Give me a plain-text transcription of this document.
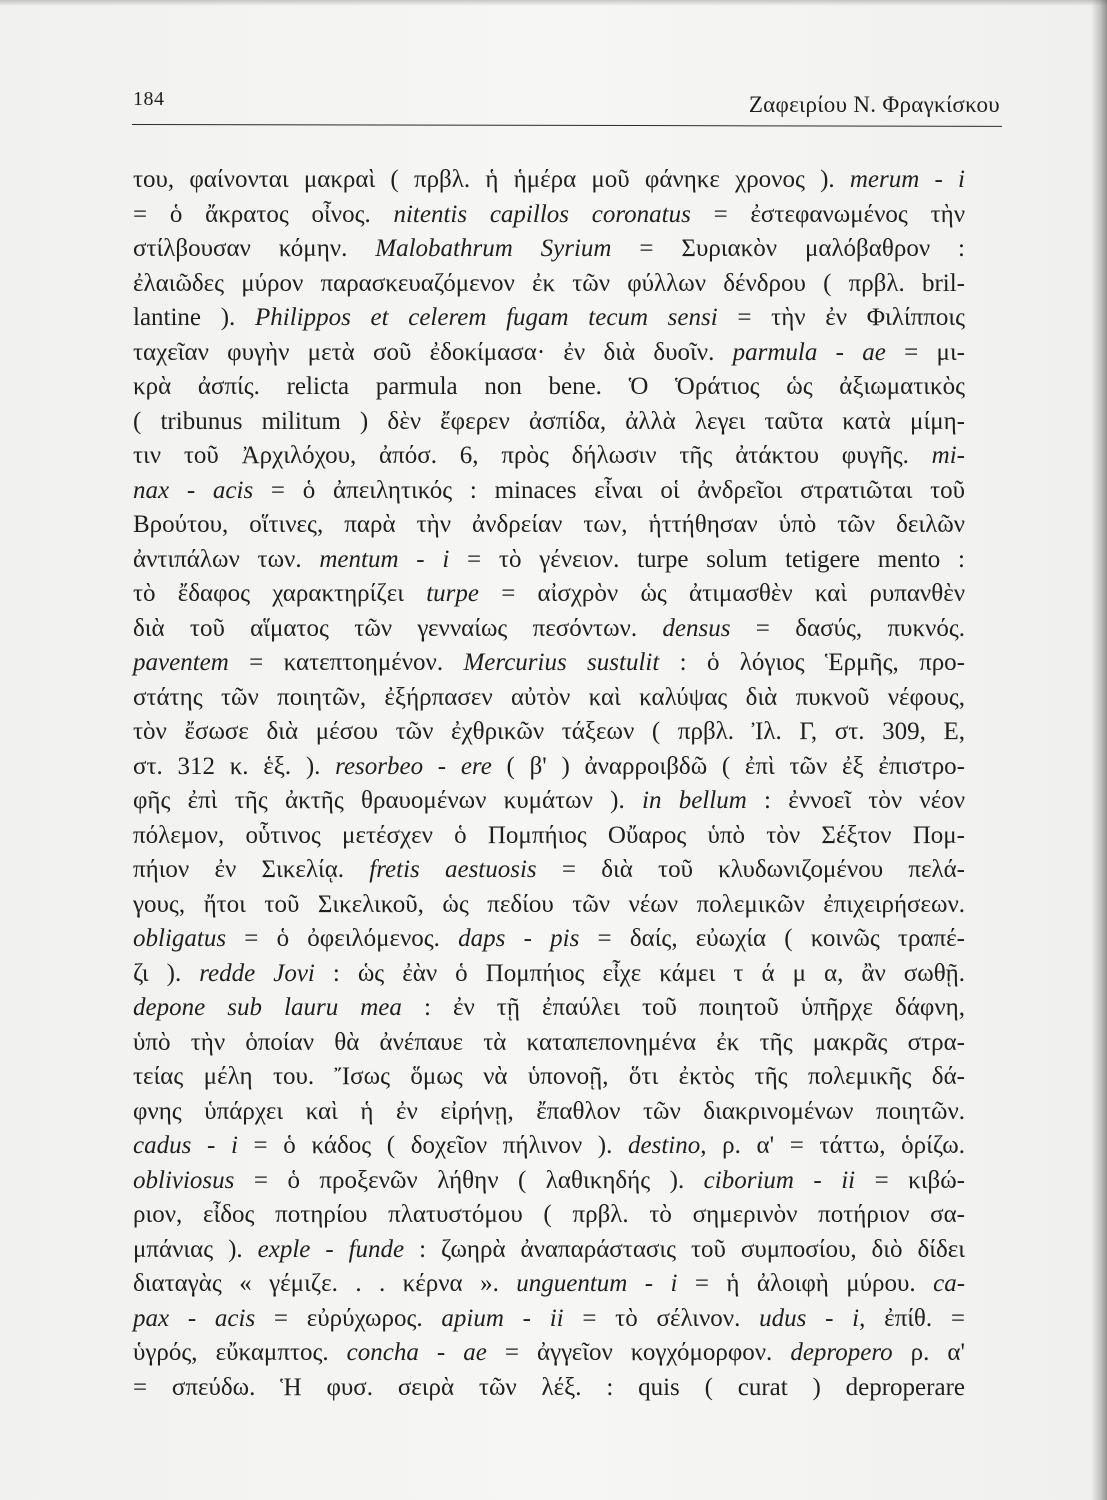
184	Ζαφειρίου Ν. Φραγκίσκου
του, φαίνονται μακραὶ ( πρβλ. ἡ ἡμέρα μοῦ φάνηκε χρονος ). merum - i
= ὁ ἄκρατος οἶνος. nitentis capillos coronatus = ἐστεφανωμένος τὴν
στίλβουσαν κόμην. Malobathrum Syrium = Συριακὸν μαλόβαθρον :
ἐλαιῶδες μύρον παρασκευαζόμενον ἐκ τῶν φύλλων δένδρου ( πρβλ. bril-
lantine ). Philippos et celerem fugam tecum sensi = τὴν ἐν Φιλίπποις
ταχεῖαν φυγὴν μετὰ σοῦ ἐδοκίμασα· ἐν διὰ δυοῖν. parmula - ae = μι-
κρὰ ἀσπίς. relicta parmula non bene. Ὁ Ὁράτιος ὡς ἀξιωματικὸς
( tribunus militum ) δὲν ἔφερεν ἀσπίδα, ἀλλὰ λεγει ταῦτα κατὰ μίμη-
τιν τοῦ Ἀρχιλόχου, ἀπόσ. 6, πρὸς δήλωσιν τῆς ἀτάκτου φυγῆς. mi-
nax - acis = ὁ ἀπειλητικός : minaces εἶναι οἱ ἀνδρεῖοι στρατιῶται τοῦ
Βρούτου, οἵτινες, παρὰ τὴν ἀνδρείαν των, ἡττήθησαν ὑπὸ τῶν δειλῶν
ἀντιπάλων των. mentum - i = τὸ γένειον. turpe solum tetigere mento :
τὸ ἔδαφος χαρακτηρίζει turpe = αἰσχρὸν ὡς ἀτιμασθὲν καὶ ρυπανθὲν
διὰ τοῦ αἵματος τῶν γενναίως πεσόντων. densus = δασύς, πυκνός.
paventem = κατεπτοημένον. Mercurius sustulit : ὁ λόγιος Ἑρμῆς, προ-
στάτης τῶν ποιητῶν, ἐξήρπασεν αὐτὸν καὶ καλύψας διὰ πυκνοῦ νέφους,
τὸν ἔσωσε διὰ μέσου τῶν ἐχθρικῶν τάξεων ( πρβλ. Ἰλ. Γ, στ. 309, Ε,
στ. 312 κ. ἑξ. ). resorbeo - ere ( β' ) ἀναρροιβδῶ ( ἐπὶ τῶν ἐξ ἐπιστρο-
φῆς ἐπὶ τῆς ἀκτῆς θραυομένων κυμάτων ). in bellum : ἐννοεῖ τὸν νέον
πόλεμον, οὗτινος μετέσχεν ὁ Πομπήιος Οὔαρος ὑπὸ τὸν Σέξτον Πομ-
πήιον ἐν Σικελίᾳ. fretis aestuosis = διὰ τοῦ κλυδωνιζομένου πελά-
γους, ἤτοι τοῦ Σικελικοῦ, ὡς πεδίου τῶν νέων πολεμικῶν ἐπιχειρήσεων.
obligatus = ὁ ὀφειλόμενος. daps - pis = δαίς, εὐωχία ( κοινῶς τραπέ-
ζι ). redde Jovi : ὡς ἐὰν ὁ Πομπήιος εἶχε κάμει τ ά μ α, ἂν σωθῇ.
depone sub lauru mea : ἐν τῇ ἐπαύλει τοῦ ποιητοῦ ὑπῆρχε δάφνη,
ὑπὸ τὴν ὁποίαν θὰ ἀνέπαυε τὰ καταπεπονημένα ἐκ τῆς μακρᾶς στρα-
τείας μέλη του. Ἴσως ὅμως νὰ ὑπονοῇ, ὅτι ἐκτὸς τῆς πολεμικῆς δά-
φνης ὑπάρχει καὶ ἡ ἐν εἰρήνῃ, ἔπαθλον τῶν διακρινομένων ποιητῶν.
cadus - i = ὁ κάδος ( δοχεῖον πήλινον ). destino, ρ. α' = τάττω, ὁρίζω.
obliviosus = ὁ προξενῶν λήθην ( λαθικηδής ). ciborium - ii = κιβώ-
ριον, εἶδος ποτηρίου πλατυστόμου ( πρβλ. τὸ σημερινὸν ποτήριον σα-
μπάνιας ). exple - funde : ζωηρὰ ἀναπαράστασις τοῦ συμποσίου, διὸ δίδει
διαταγὰς « γέμιζε. . . κέρνα ». unguentum - i = ἡ ἀλοιφὴ μύρου. ca-
pax - acis = εὐρύχωρος. apium - ii = τὸ σέλινον. udus - i, ἐπίθ. =
ὑγρός, εὔκαμπτος. concha - ae = ἀγγεῖον κογχόμορφον. depropero ρ. α'
= σπεύδω. Ἡ φυσ. σειρὰ τῶν λέξ. : quis ( curat ) deproperare
